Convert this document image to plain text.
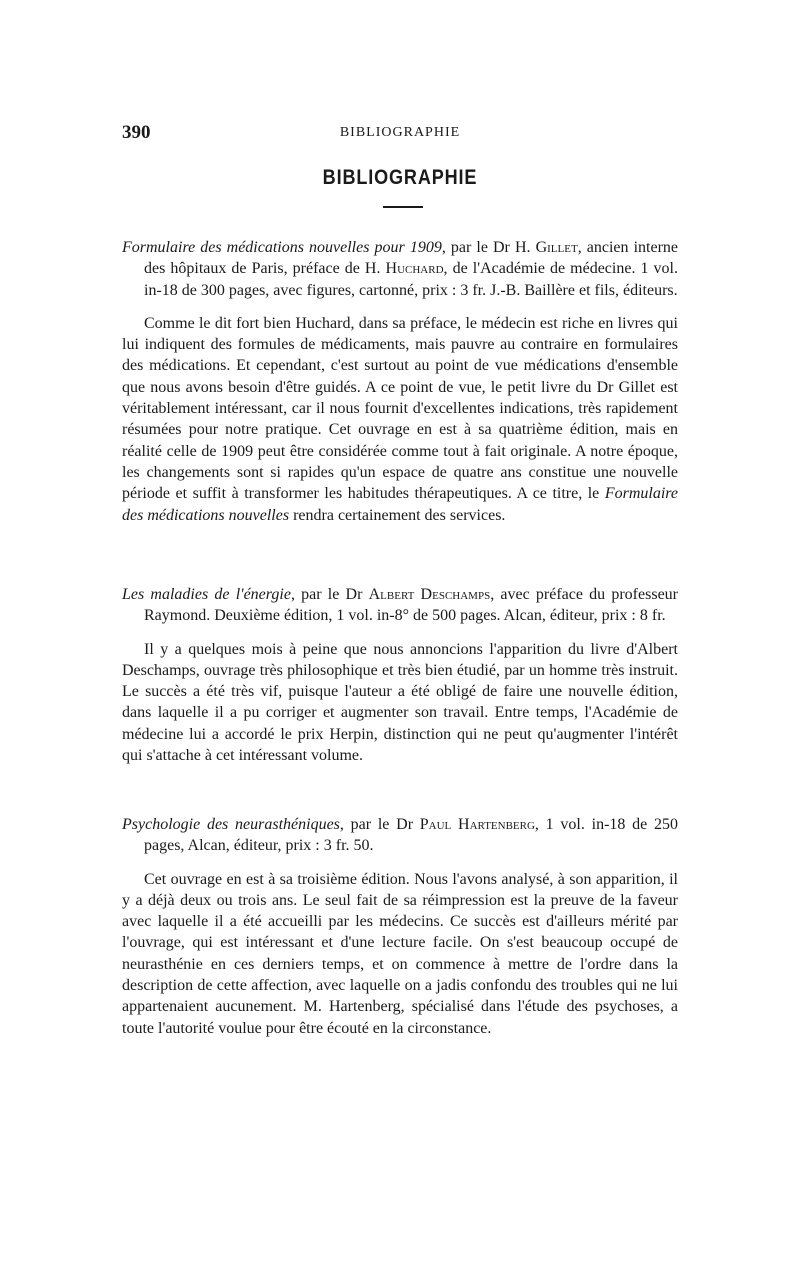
390	BIBLIOGRAPHIE
BIBLIOGRAPHIE

Formulaire des médications nouvelles pour 1909, par le Dr H. Gillet, ancien interne des hôpitaux de Paris, préface de H. Huchard, de l'Académie de médecine. 1 vol. in-18 de 300 pages, avec figures, cartonné, prix : 3 fr. J.-B. Baillère et fils, éditeurs.

Comme le dit fort bien Huchard, dans sa préface, le médecin est riche en livres qui lui indiquent des formules de médicaments, mais pauvre au contraire en formulaires des médications. Et cependant, c'est surtout au point de vue médications d'ensemble que nous avons besoin d'être guidés. A ce point de vue, le petit livre du Dr Gillet est véritablement intéressant, car il nous fournit d'excellentes indications, très rapidement résumées pour notre pratique. Cet ouvrage en est à sa quatrième édition, mais en réalité celle de 1909 peut être considérée comme tout à fait originale. A notre époque, les changements sont si rapides qu'un espace de quatre ans constitue une nouvelle période et suffit à transformer les habitudes thérapeutiques. A ce titre, le Formulaire des médications nouvelles rendra certainement des services.

Les maladies de l'énergie, par le Dr Albert Deschamps, avec préface du professeur Raymond. Deuxième édition, 1 vol. in-8° de 500 pages. Alcan, éditeur, prix : 8 fr.

Il y a quelques mois à peine que nous annoncions l'apparition du livre d'Albert Deschamps, ouvrage très philosophique et très bien étudié, par un homme très instruit. Le succès a été très vif, puisque l'auteur a été obligé de faire une nouvelle édition, dans laquelle il a pu corriger et augmenter son travail. Entre temps, l'Académie de médecine lui a accordé le prix Herpin, distinction qui ne peut qu'augmenter l'intérêt qui s'attache à cet intéressant volume.

Psychologie des neurasthéniques, par le Dr Paul Hartenberg, 1 vol. in-18 de 250 pages, Alcan, éditeur, prix : 3 fr. 50.

Cet ouvrage en est à sa troisième édition. Nous l'avons analysé, à son apparition, il y a déjà deux ou trois ans. Le seul fait de sa réimpression est la preuve de la faveur avec laquelle il a été accueilli par les médecins. Ce succès est d'ailleurs mérité par l'ouvrage, qui est intéressant et d'une lecture facile. On s'est beaucoup occupé de neurasthénie en ces derniers temps, et on commence à mettre de l'ordre dans la description de cette affection, avec laquelle on a jadis confondu des troubles qui ne lui appartenaient aucunement. M. Hartenberg, spécialisé dans l'étude des psychoses, a toute l'autorité voulue pour être écouté en la circonstance.
